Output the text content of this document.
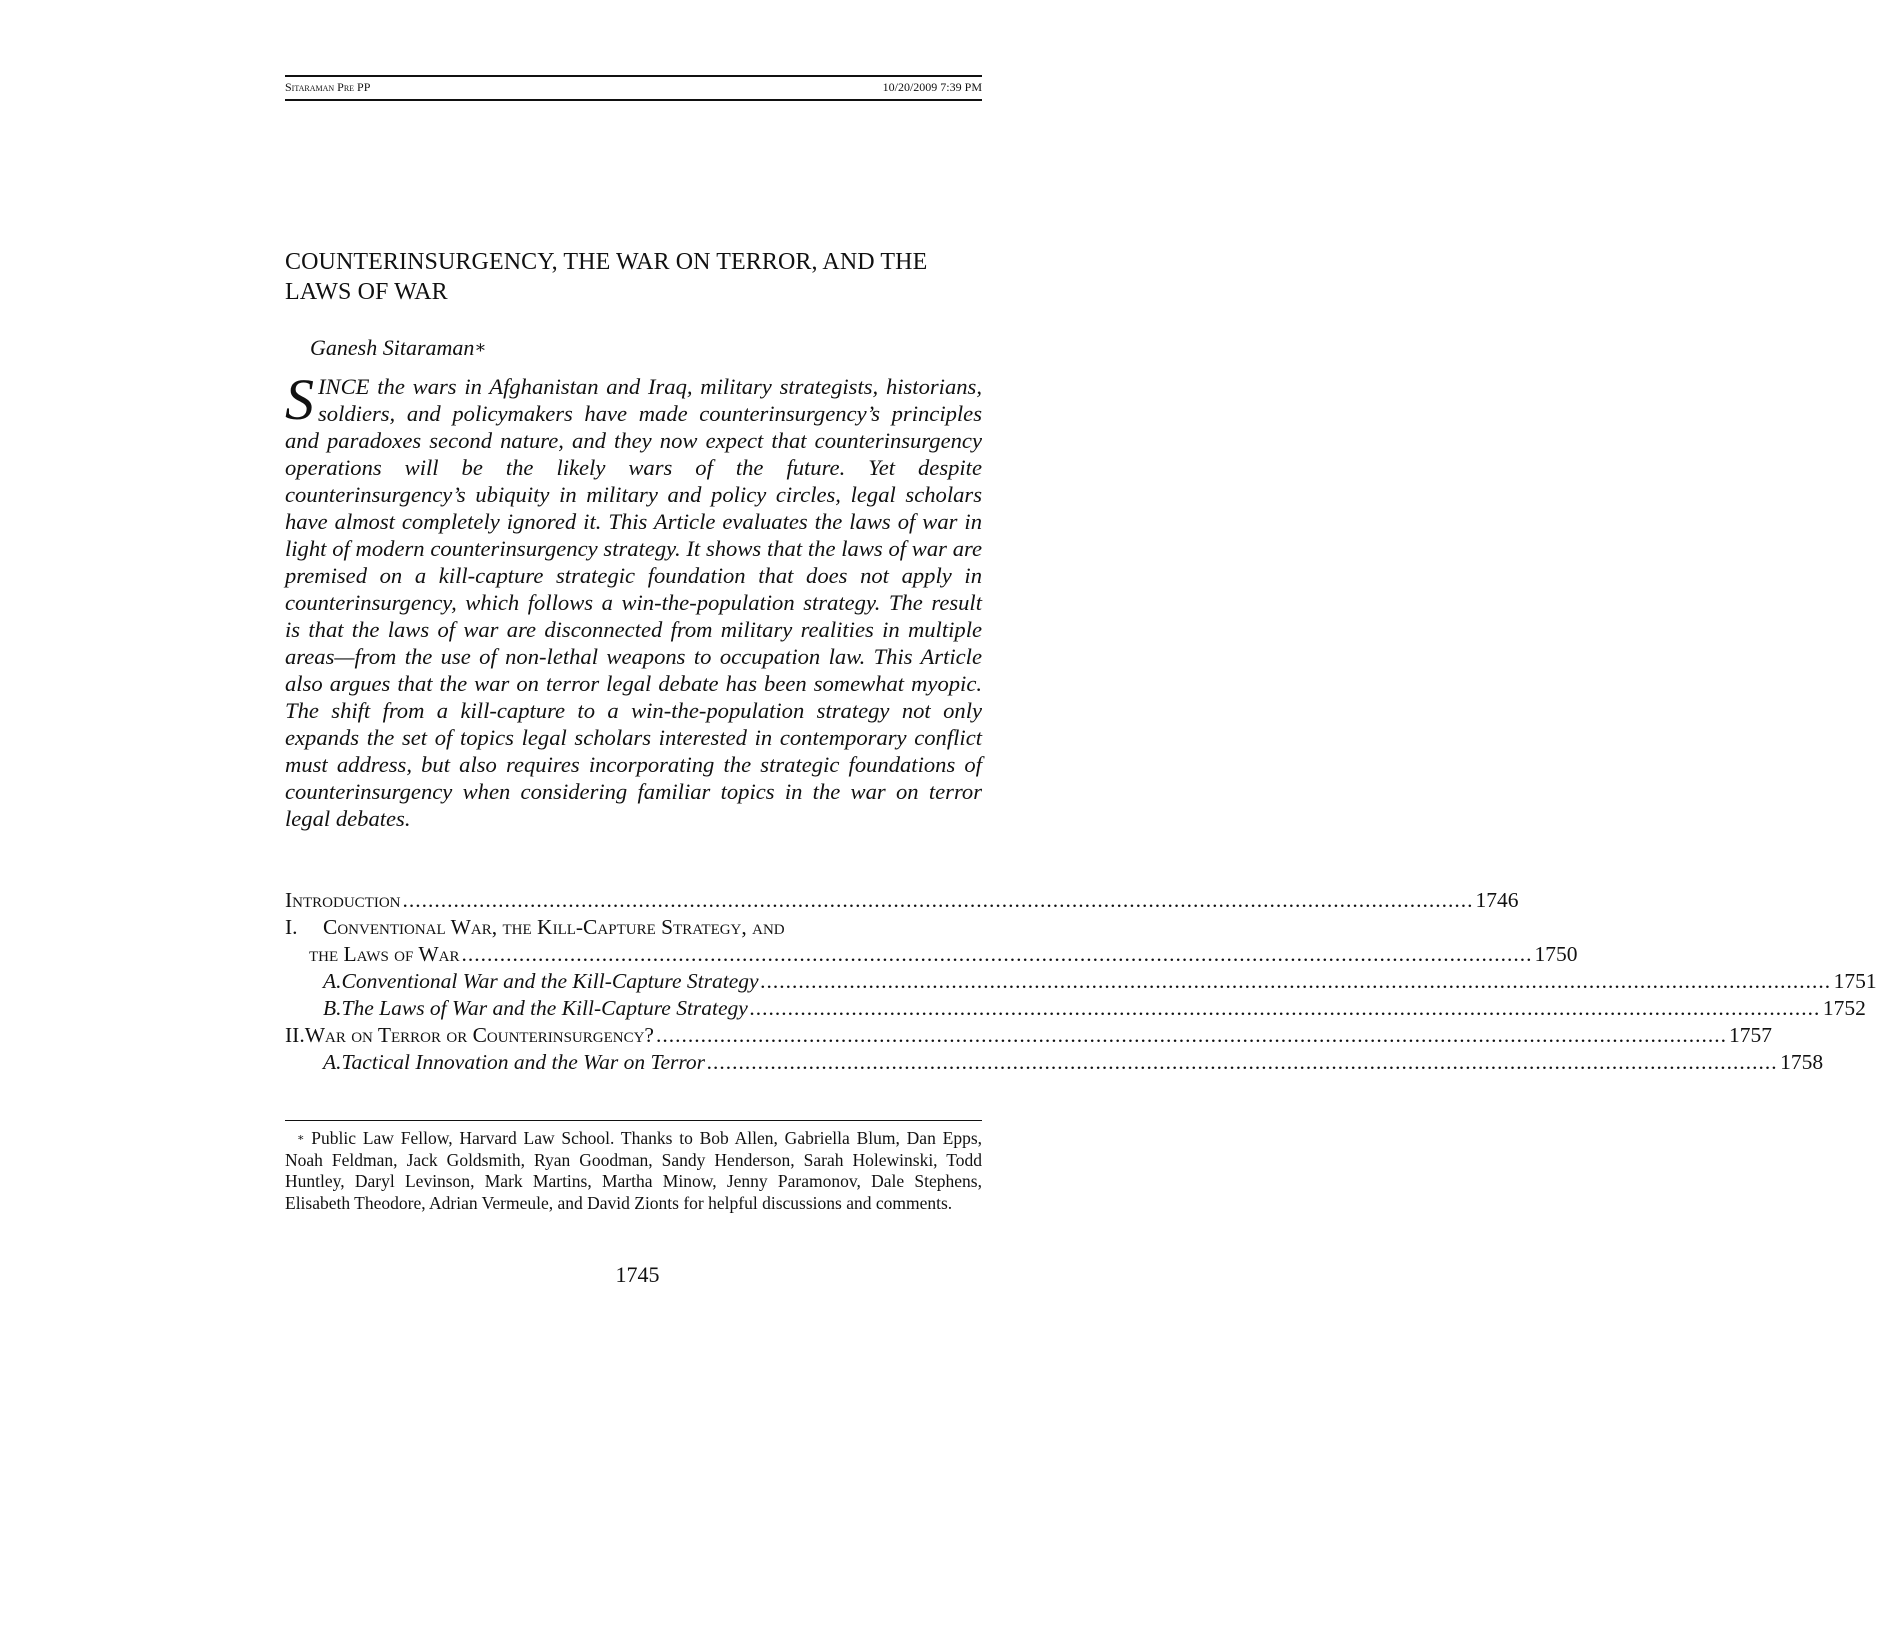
Sitaraman Pre PP	10/20/2009 7:39 PM
COUNTERINSURGENCY, THE WAR ON TERROR, AND THE LAWS OF WAR
Ganesh Sitaraman∗
SINCE the wars in Afghanistan and Iraq, military strategists, historians, soldiers, and policymakers have made counterinsurgency’s principles and paradoxes second nature, and they now expect that counterinsurgency operations will be the likely wars of the future. Yet despite counterinsurgency’s ubiquity in military and policy circles, legal scholars have almost completely ignored it. This Article evaluates the laws of war in light of modern counterinsurgency strategy. It shows that the laws of war are premised on a kill-capture strategic foundation that does not apply in counterinsurgency, which follows a win-the-population strategy. The result is that the laws of war are disconnected from military realities in multiple areas—from the use of non-lethal weapons to occupation law. This Article also argues that the war on terror legal debate has been somewhat myopic. The shift from a kill-capture to a win-the-population strategy not only expands the set of topics legal scholars interested in contemporary conflict must address, but also requires incorporating the strategic foundations of counterinsurgency when considering familiar topics in the war on terror legal debates.
Introduction ........................................................................................................................................................................ 1746
I.	Conventional War, the Kill-Capture Strategy, and
the Laws of War ........................................................................................................................................................................ 1750
A. Conventional War and the Kill-Capture Strategy ........................................................................................................................................................................ 1751
B. The Laws of War and the Kill-Capture Strategy ........................................................................................................................................................................ 1752
II. War on Terror or Counterinsurgency? ........................................................................................................................................................................ 1757
A. Tactical Innovation and the War on Terror ........................................................................................................................................................................ 1758
∗ Public Law Fellow, Harvard Law School. Thanks to Bob Allen, Gabriella Blum, Dan Epps, Noah Feldman, Jack Goldsmith, Ryan Goodman, Sandy Henderson, Sarah Holewinski, Todd Huntley, Daryl Levinson, Mark Martins, Martha Minow, Jenny Paramonov, Dale Stephens, Elisabeth Theodore, Adrian Vermeule, and David Zionts for helpful discussions and comments.
1745
